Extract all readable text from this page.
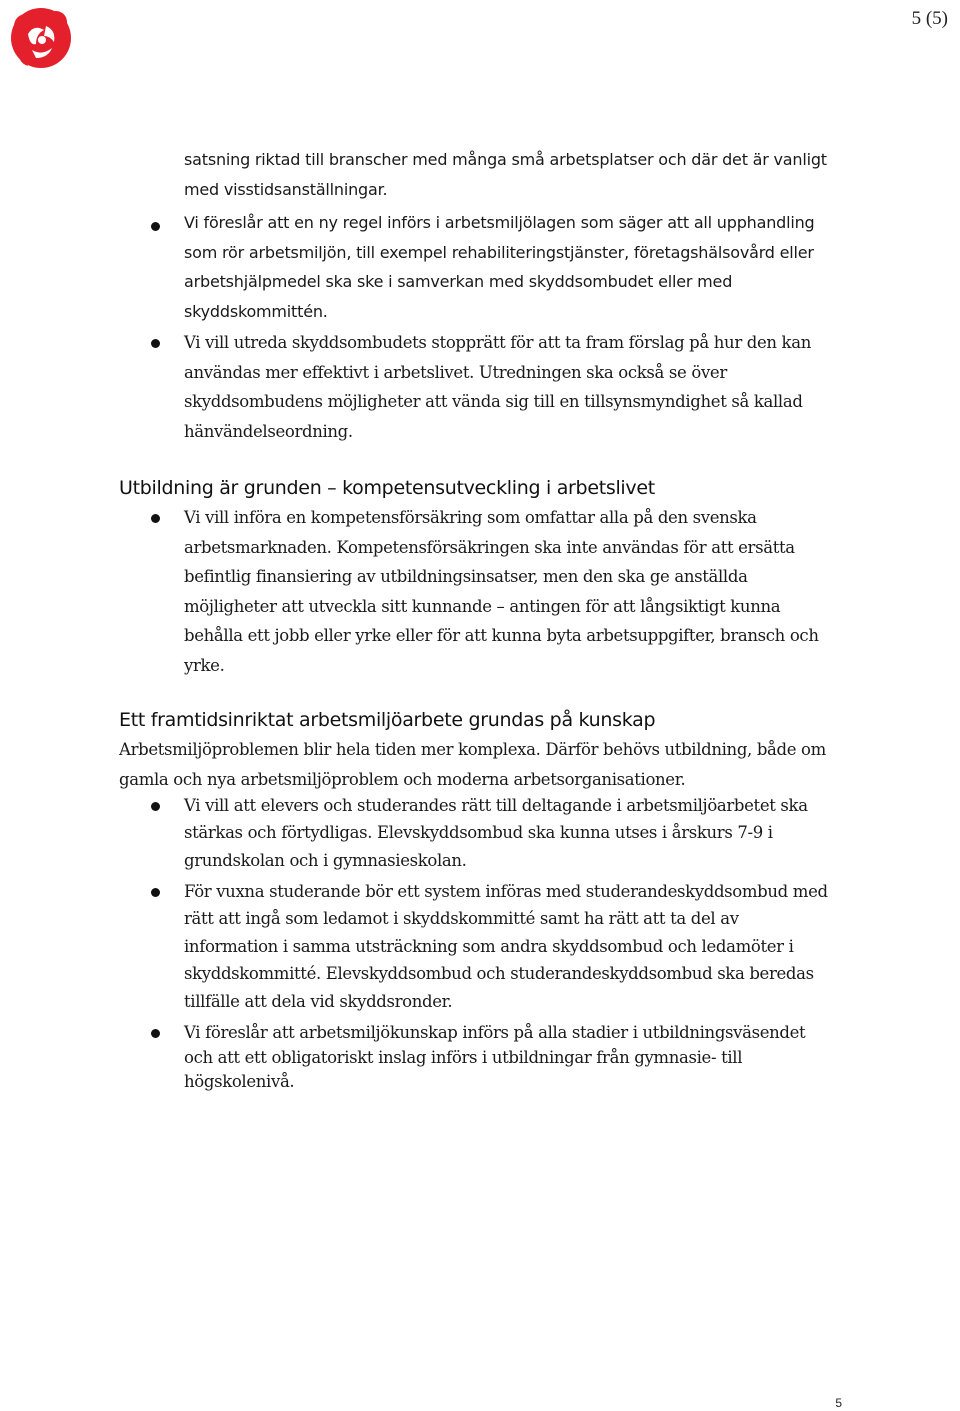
5 (5)
satsning riktad till branscher med många små arbetsplatser och där det är vanligt med visstidsanställningar.
Vi föreslår att en ny regel införs i arbetsmiljölagen som säger att all upphandling som rör arbetsmiljön, till exempel rehabiliteringstjänster, företagshälsovård eller arbetshjälpmedel ska ske i samverkan med skyddsombudet eller med skyddskommittén.
Vi vill utreda skyddsombudets stopprätt för att ta fram förslag på hur den kan användas mer effektivt i arbetslivet. Utredningen ska också se över skyddsombudens möjligheter att vända sig till en tillsynsmyndighet så kallad hänvändelseordning.
Utbildning är grunden – kompetensutveckling i arbetslivet
Vi vill införa en kompetensförsäkring som omfattar alla på den svenska arbetsmarknaden. Kompetensförsäkringen ska inte användas för att ersätta befintlig finansiering av utbildningsinsatser, men den ska ge anställda möjligheter att utveckla sitt kunnande – antingen för att långsiktigt kunna behålla ett jobb eller yrke eller för att kunna byta arbetsuppgifter, bransch och yrke.
Ett framtidsinriktat arbetsmiljöarbete grundas på kunskap
Arbetsmiljöproblemen blir hela tiden mer komplexa. Därför behövs utbildning, både om gamla och nya arbetsmiljöproblem och moderna arbetsorganisationer.
Vi vill att elevers och studerandes rätt till deltagande i arbetsmiljöarbetet ska stärkas och förtydligas. Elevskyddsombud ska kunna utses i årskurs 7-9 i grundskolan och i gymnasieskolan.
För vuxna studerande bör ett system införas med studerandeskyddsombud med rätt att ingå som ledamot i skyddskommitté samt ha rätt att ta del av information i samma utsträckning som andra skyddsombud och ledamöter i skyddskommitté. Elevskyddsombud och studerandeskyddsombud ska beredas tillfälle att dela vid skyddsronder.
Vi föreslår att arbetsmiljökunskap införs på alla stadier i utbildningsväsendet och att ett obligatoriskt inslag införs i utbildningar från gymnasie- till högskolenivå.
5
